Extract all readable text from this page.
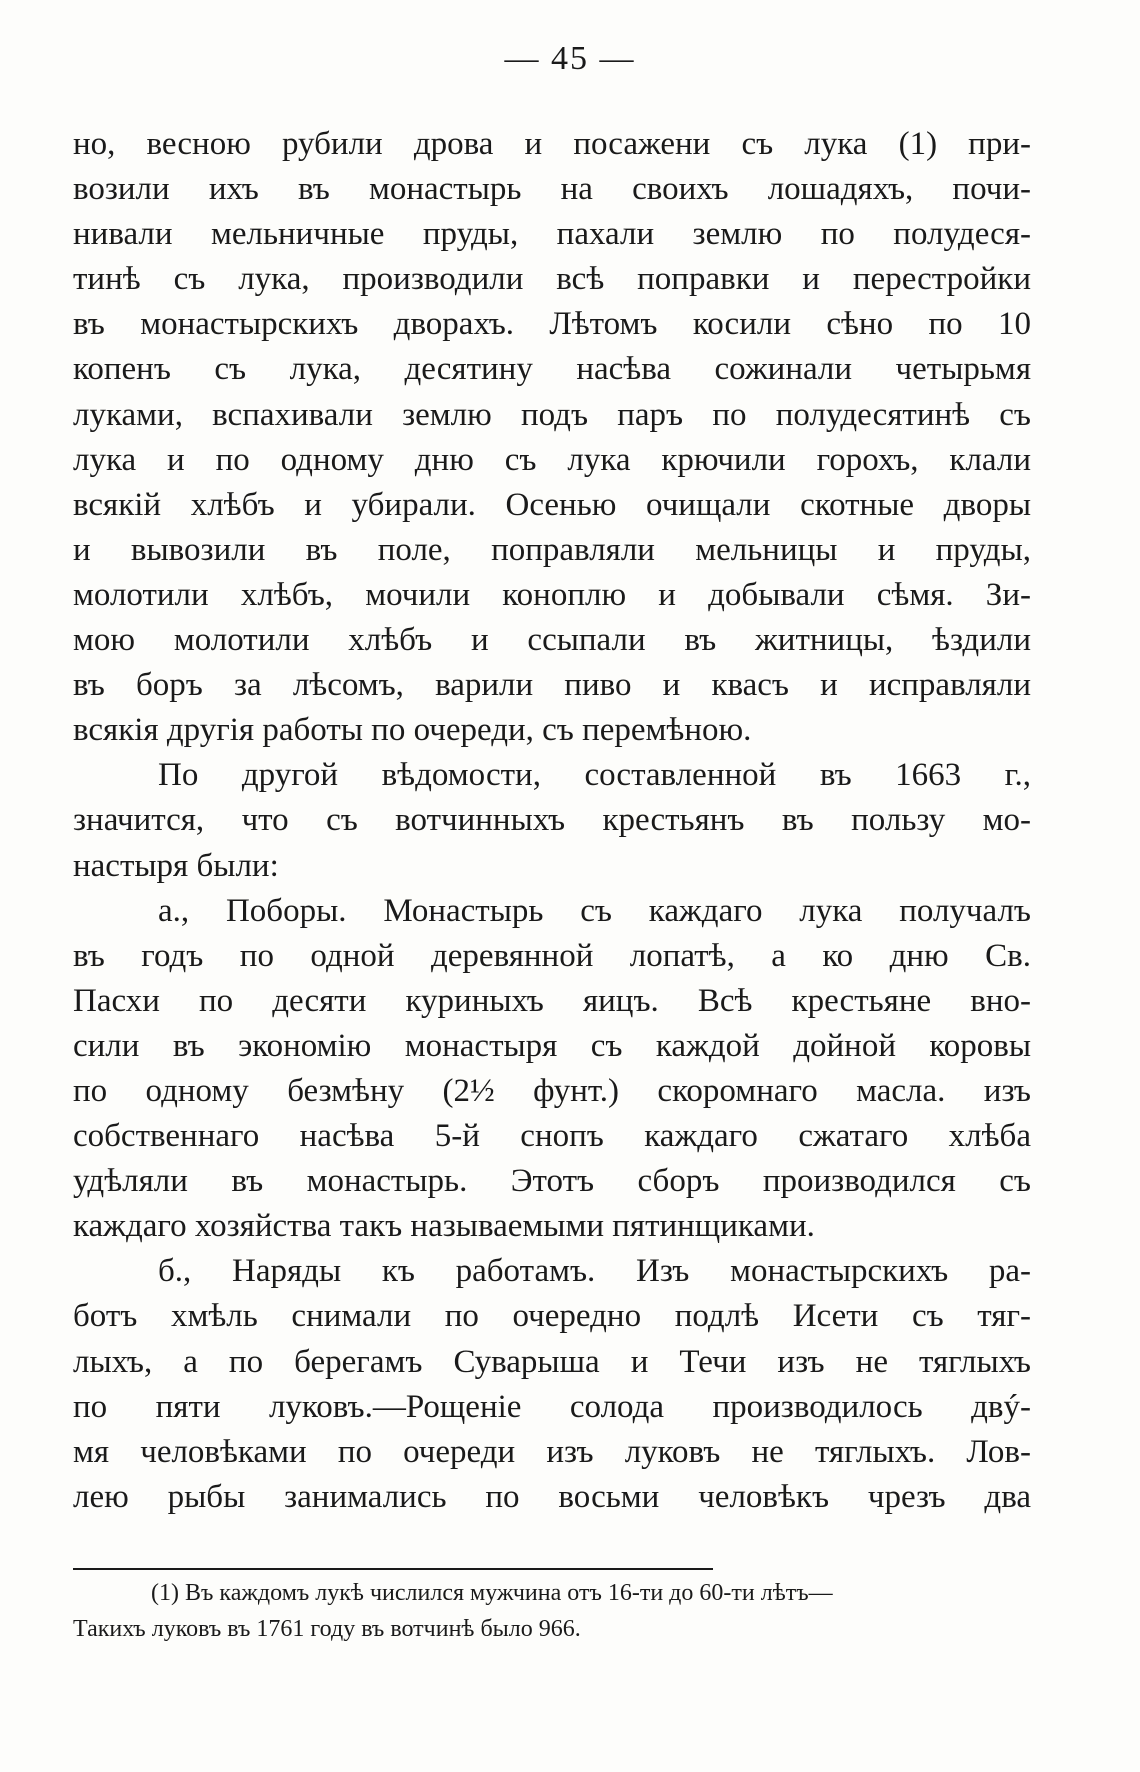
— 45 —
но, весною рубили дрова и посажени съ лука (1) при-
возили ихъ въ монастырь на своихъ лошадяхъ, почи-
нивали мельничные пруды, пахали землю по полудеся-
тинѣ съ лука, производили всѣ поправки и перестройки
въ монастырскихъ дворахъ. Лѣтомъ косили сѣно по 10
копенъ съ лука, десятину насѣва сожинали четырьмя
луками, вспахивали землю подъ паръ по полудесятинѣ съ
лука и по одному дню съ лука крючили горохъ, клали
всякій хлѣбъ и убирали. Осенью очищали скотные дворы
и вывозили въ поле, поправляли мельницы и пруды,
молотили хлѣбъ, мочили коноплю и добывали сѣмя. Зи-
мою молотили хлѣбъ и ссыпали въ житницы, ѣздили
въ боръ за лѣсомъ, варили пиво и квасъ и исправляли
всякія другія работы по очереди, съ перемѣною.
По другой вѣдомости, составленной въ 1663 г.,
значится, что съ вотчинныхъ крестьянъ въ пользу мо-
настыря были:
а., Поборы. Монастырь съ каждаго лука получалъ
въ годъ по одной деревянной лопатѣ, а ко дню Св.
Пасхи по десяти куриныхъ яицъ. Всѣ крестьяне вно-
сили въ экономію монастыря съ каждой дойной коровы
по одному безмѣну (2½ фунт.) скоромнаго масла. изъ
собственнаго насѣва 5-й снопъ каждаго сжатаго хлѣба
удѣляли въ монастырь. Этотъ сборъ производился съ
каждаго хозяйства такъ называемыми пятинщиками.
б., Наряды къ работамъ. Изъ монастырскихъ ра-
ботъ хмѣль снимали по очередно подлѣ Исети съ тяг-
лыхъ, а по берегамъ Суварыша и Течи изъ не тяглыхъ
по пяти луковъ.—Рощеніе солода производилось двý-
мя человѣками по очереди изъ луковъ не тяглыхъ. Лов-
лею рыбы занимались по восьми человѣкъ чрезъ два
(1) Въ каждомъ лукѣ числился мужчина отъ 16-ти до 60-ти лѣтъ—
Такихъ луковъ въ 1761 году въ вотчинѣ было 966.
